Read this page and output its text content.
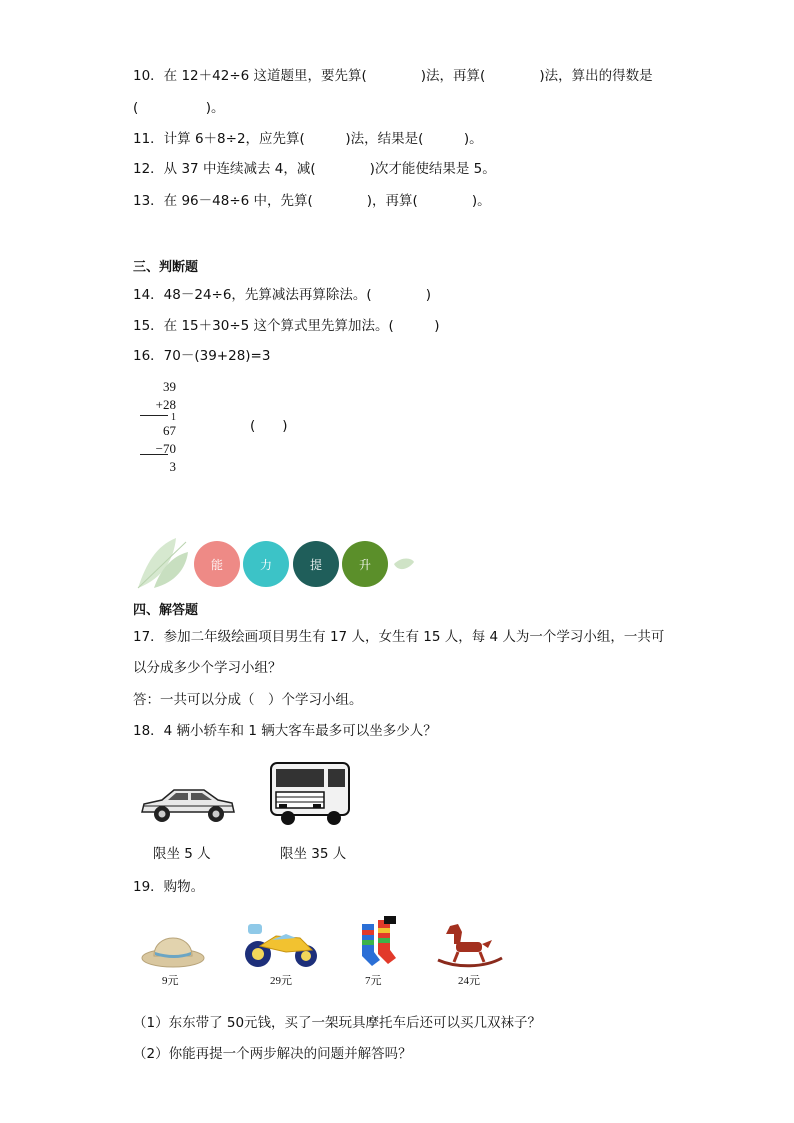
10．在 12＋42÷6 这道题里，要先算(　　　　)法，再算(　　　　)法，算出的得数是
(　　　　　)。
11．计算 6＋8÷2，应先算(　　　)法，结果是(　　　)。
12．从 37 中连续减去 4，减(　　　　)次才能使结果是 5。
13．在 96－48÷6 中，先算(　　　　)，再算(　　　　)。
三、判断题
14．48－24÷6，先算减法再算除法。(　　　　)
15．在 15＋30÷5 这个算式里先算加法。(　　　)
16．70－(39+28)=3
39
+28
1
67
−70
3
(　　)
能	力	提	升
四、解答题
17．参加二年级绘画项目男生有 17 人，女生有 15 人，每 4 人为一个学习小组，一共可
以分成多少个学习小组？
答：一共可以分成（　）个学习小组。
18．4 辆小轿车和 1 辆大客车最多可以坐多少人？
限坐 5 人	限坐 35 人
19．购物。
9元	29元	7元	24元
（1）东东带了 50元钱，买了一架玩具摩托车后还可以买几双袜子？
（2）你能再提一个两步解决的问题并解答吗？
